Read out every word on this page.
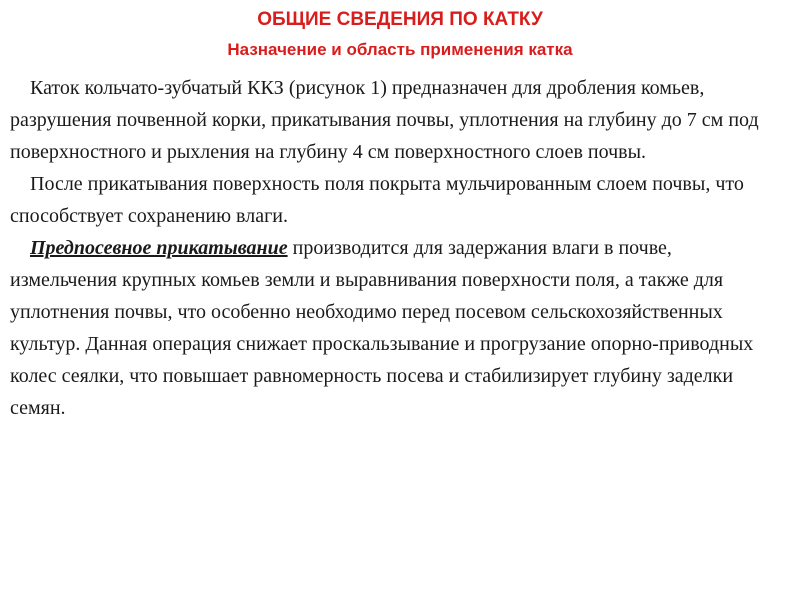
ОБЩИЕ СВЕДЕНИЯ ПО КАТКУ
Назначение и область применения катка

Каток кольчато-зубчатый ККЗ (рисунок 1) предназначен для дробления комьев, разрушения почвенной корки, прикатывания почвы, уплотнения на глубину до 7 см под поверхностного и рыхления на глубину 4 см поверхностного слоев почвы.

После прикатывания поверхность поля покрыта мульчированным слоем почвы, что способствует сохранению влаги.

Предпосевное прикатывание производится для задержания влаги в почве, измельчения крупных комьев земли и выравнивания поверхности поля, а также для уплотнения почвы, что особенно необходимо перед посевом сельскохозяйственных культур. Данная операция снижает проскальзывание и прогрузание опорно-приводных колес сеялки, что повышает равномерность посева и стабилизирует глубину заделки семян.
